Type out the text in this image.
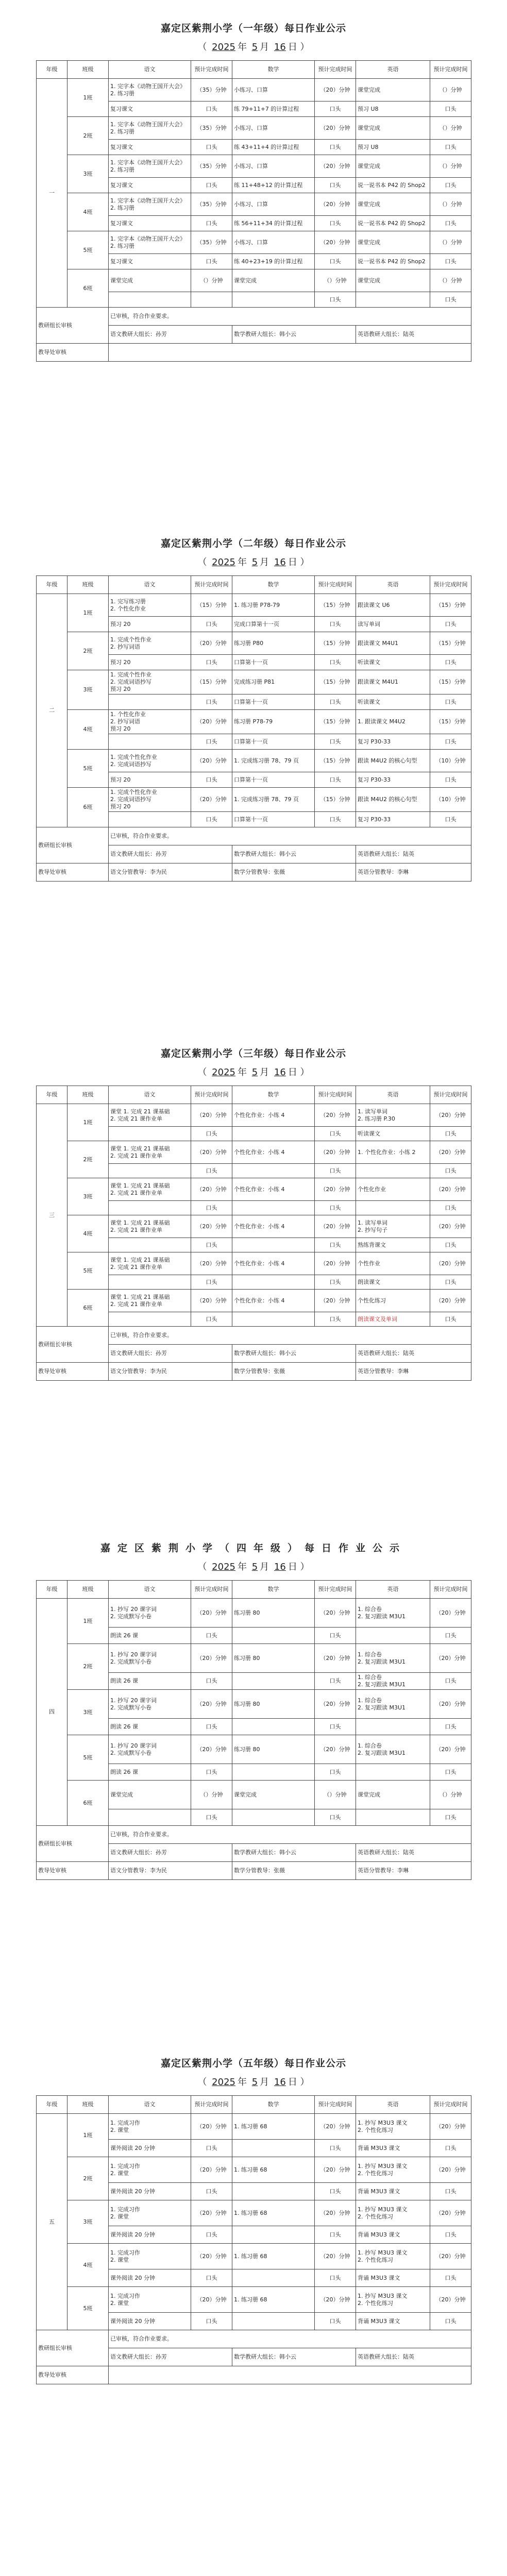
嘉定区紫荆小学（一年级）每日作业公示
（ 2025 年 5 月 16 日 ）
年级	班级	语文	预计完成时间	数学	预计完成时间	英语	预计完成时间
一	1班	1. 完字本《动物王国开大会》
2. 练习册	（35）分钟	小练习、口算	（20）分钟	课堂完成	（）分钟
		复习课文	口头	练 79+11+7 的计算过程	口头	预习 U8	口头
	2班	1. 完字本《动物王国开大会》
2. 练习册	（35）分钟	小练习、口算	（20）分钟	课堂完成	（）分钟
		复习课文	口头	练 43+11+4 的计算过程	口头	预习 U8	口头
	3班	1. 完字本《动物王国开大会》
2. 练习册	（35）分钟	小练习、口算	（20）分钟	课堂完成	（）分钟
		复习课文	口头	练 11+48+12 的计算过程	口头	说一说书本 P42 的 Shop2	口头
	4班	1. 完字本《动物王国开大会》
2. 练习册	（35）分钟	小练习、口算	（20）分钟	课堂完成	（）分钟
		复习课文	口头	练 56+11+34 的计算过程	口头	说一说书本 P42 的 Shop2	口头
	5班	1. 完字本《动物王国开大会》
2. 练习册	（35）分钟	小练习、口算	（20）分钟	课堂完成	（）分钟
		复习课文	口头	练 40+23+19 的计算过程	口头	说一说书本 P42 的 Shop2	口头
	6班	课堂完成	（）分钟	课堂完成	（）分钟	课堂完成	（）分钟
					口头		口头
教研组长审核		已审核，符合作业要求。					
		语文教研大组长：孙芳		数学教研大组长：韩小云		英语教研大组长：陆英	
教导处审核							
嘉定区紫荆小学（二年级）每日作业公示
（ 2025 年 5 月 16 日 ）
年级	班级	语文	预计完成时间	数学	预计完成时间	英语	预计完成时间
二	1班	1. 完写练习册
2. 个性化作业	（15）分钟	1. 练习册 P78-79	（15）分钟	跟读课文 U6	（15）分钟
		预习 20	口头	完成口算第十一页	口头	读写单词	口头
	2班	1. 完成个性作业
2. 抄写词语	（20）分钟	练习册 P80	（15）分钟	跟读课文 M4U1	（15）分钟
		预习 20	口头	口算第十一页	口头	听读课文	口头
	3班	1. 完成个性作业
2. 完成词语抄写
预习 20	（15）分钟	完成练习册 P81	（15）分钟	跟读课文 M4U1	（15）分钟
			口头	口算第十一页	口头	听读课文	口头
	4班	1. 个性化作业
2. 抄写词语
预习 20	（20）分钟	练习册 P78-79	（15）分钟	1. 跟读课文 M4U2	（15）分钟
			口头	口算第十一页	口头	复习 P30-33	口头
	5班	1. 完成个性化作业
2. 完成词语抄写	（20）分钟	1. 完成练习册 78、79 页	（15）分钟	跟读 M4U2 的核心句型	（10）分钟
		预习 20	口头	口算第十一页	口头	复习 P30-33	口头
	6班	1. 完成个性化作业
2. 完成词语抄写
预习 20	（20）分钟	1. 完成练习册 78、79 页	（15）分钟	跟读 M4U2 的核心句型	（10）分钟
			口头	口算第十一页	口头	复习 P30-33	口头
教研组长审核		已审核，符合作业要求。					
		语文教研大组长：孙芳		数学教研大组长：韩小云		英语教研大组长：陆英	
教导处审核		语文分管教导：李为民		数学分管教导：张薇		英语分管教导：李琳	
嘉定区紫荆小学（三年级）每日作业公示
（ 2025 年 5 月 16 日 ）
年级	班级	语文	预计完成时间	数学	预计完成时间	英语	预计完成时间
三	1班	课堂 1. 完成 21 课基础
2. 完成 21 课作业单	（20）分钟	个性化作业：小练 4	（20）分钟	1. 读写单词
2. 练习册 P.30	（20）分钟
			口头		口头	听读课文	口头
	2班	课堂 1. 完成 21 课基础
2. 完成 21 课作业单	（20）分钟	个性化作业：小练 4	（20）分钟	1. 个性化作业：小练 2	（20）分钟
			口头		口头		口头
	3班	课堂 1. 完成 21 课基础
2. 完成 21 课作业单	（20）分钟	个性化作业：小练 4	（20）分钟	个性化作业	（20）分钟
			口头		口头		口头
	4班	课堂 1. 完成 21 课基础
2. 完成 21 课作业单	（20）分钟	个性化作业：小练 4	（20）分钟	1. 读写单词
2. 抄写句子	（20）分钟
			口头		口头	熟练背课文	口头
	5班	课堂 1. 完成 21 课基础
2. 完成 21 课作业单	（20）分钟	个性化作业：小练 4	（20）分钟	个性作业	（20）分钟
			口头		口头	朗读课文	口头
	6班	课堂 1. 完成 21 课基础
2. 完成 21 课作业单	（20）分钟	个性化作业：小练 4	（20）分钟	个性化练习	（20）分钟
			口头		口头	朗读课文及单词	口头
教研组长审核		已审核，符合作业要求。					
		语文教研大组长：孙芳		数学教研大组长：韩小云		英语教研大组长：陆英	
教导处审核		语文分管教导：李为民		数学分管教导：张薇		英语分管教导：李琳	
嘉定区紫荆小学（四年级）每日作业公示
（ 2025 年 5 月 16 日 ）
年级	班级	语文	预计完成时间	数学	预计完成时间	英语	预计完成时间
四	1班	1. 抄写 20 课字词
2. 完成默写小卷	（20）分钟	练习册 80	（20）分钟	1. 综合卷
2. 复习跟读 M3U1	（20）分钟
		朗读 26 课	口头		口头		口头
	2班	1. 抄写 20 课字词
2. 完成默写小卷	（20）分钟	练习册 80	（20）分钟	1. 综合卷
2. 复习跟读 M3U1	（20）分钟
		朗读 26 课	口头		口头	1. 综合卷
2. 复习跟读 M3U1	口头
	3班	1. 抄写 20 课字词
2. 完成默写小卷	（20）分钟	练习册 80	（20）分钟	1. 综合卷
2. 复习跟读 M3U1	（20）分钟
		朗读 26 课	口头		口头		口头
	5班	1. 抄写 20 课字词
2. 完成默写小卷	（20）分钟	练习册 80	（20）分钟	1. 综合卷
2. 复习跟读 M3U1	（20）分钟
		朗读 26 课	口头		口头		口头
	6班	课堂完成	（）分钟	课堂完成	（）分钟	课堂完成	（）分钟
			口头		口头		口头
教研组长审核		已审核，符合作业要求。					
		语文教研大组长：孙芳		数学教研大组长：韩小云		英语教研大组长：陆英	
教导处审核		语文分管教导：李为民		数学分管教导：张薇		英语分管教导：李琳	
嘉定区紫荆小学（五年级）每日作业公示
（ 2025 年 5 月 16 日 ）
年级	班级	语文	预计完成时间	数学	预计完成时间	英语	预计完成时间
五	1班	1. 完成习作
2. 课堂	（20）分钟	1. 练习册 68	（20）分钟	1. 抄写 M3U3 课文
2. 个性化练习	（20）分钟
		课外阅读 20 分钟	口头		口头	背诵 M3U3 课文	口头
	2班	1. 完成习作
2. 课堂	（20）分钟	1. 练习册 68	（20）分钟	1. 抄写 M3U3 课文
2. 个性化练习	（20）分钟
		课外阅读 20 分钟	口头		口头	背诵 M3U3 课文	口头
	3班	1. 完成习作
2. 课堂	（20）分钟	1. 练习册 68	（20）分钟	1. 抄写 M3U3 课文
2. 个性化练习	（20）分钟
		课外阅读 20 分钟	口头		口头	背诵 M3U3 课文	口头
	4班	1. 完成习作
2. 课堂	（20）分钟	1. 练习册 68	（20）分钟	1. 抄写 M3U3 课文
2. 个性化练习	（20）分钟
		课外阅读 20 分钟	口头		口头	背诵 M3U3 课文	口头
	5班	1. 完成习作
2. 课堂	（20）分钟	1. 练习册 68	（20）分钟	1. 抄写 M3U3 课文
2. 个性化练习	（20）分钟
		课外阅读 20 分钟	口头		口头	背诵 M3U3 课文	口头
教研组长审核		已审核，符合作业要求。					
		语文教研大组长：孙芳		数学教研大组长：韩小云		英语教研大组长：陆英	
教导处审核							
